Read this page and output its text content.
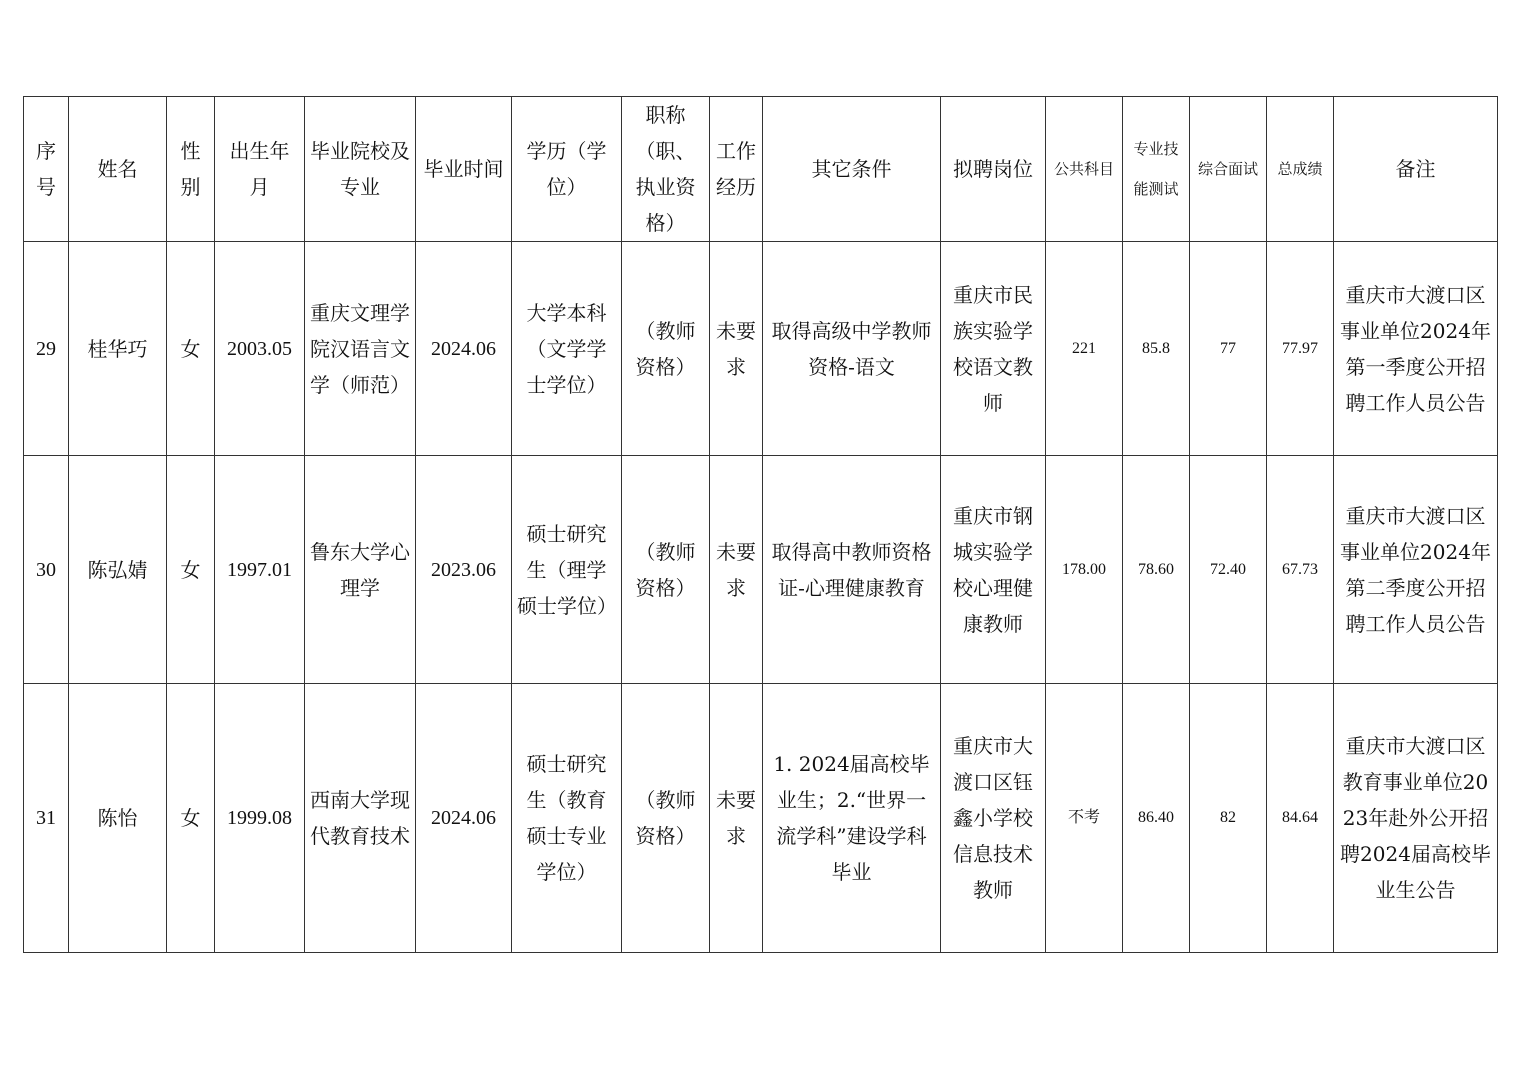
序号	姓名	性别	出生年月	毕业院校及专业	毕业时间	学历（学位）	职称（职、执业资格）	工作经历	其它条件	拟聘岗位	公共科目	专业技能测试	综合面试	总成绩	备注
29	桂华巧	女	2003.05	重庆文理学院汉语言文学（师范）	2024.06	大学本科（文学学士学位）	（教师资格）	未要求	取得高级中学教师资格-语文	重庆市民族实验学校语文教师	221	85.8	77	77.97	重庆市大渡口区事业单位2024年第一季度公开招聘工作人员公告
30	陈弘婧	女	1997.01	鲁东大学心理学	2023.06	硕士研究生（理学硕士学位）	（教师资格）	未要求	取得高中教师资格证-心理健康教育	重庆市钢城实验学校心理健康教师	178.00	78.60	72.40	67.73	重庆市大渡口区事业单位2024年第二季度公开招聘工作人员公告
31	陈怡	女	1999.08	西南大学现代教育技术	2024.06	硕士研究生（教育硕士专业学位）	（教师资格）	未要求	1. 2024届高校毕业生；2.“世界一流学科”建设学科毕业	重庆市大渡口区钰鑫小学校信息技术教师	不考	86.40	82	84.64	重庆市大渡口区教育事业单位2023年赴外公开招聘2024届高校毕业生公告
